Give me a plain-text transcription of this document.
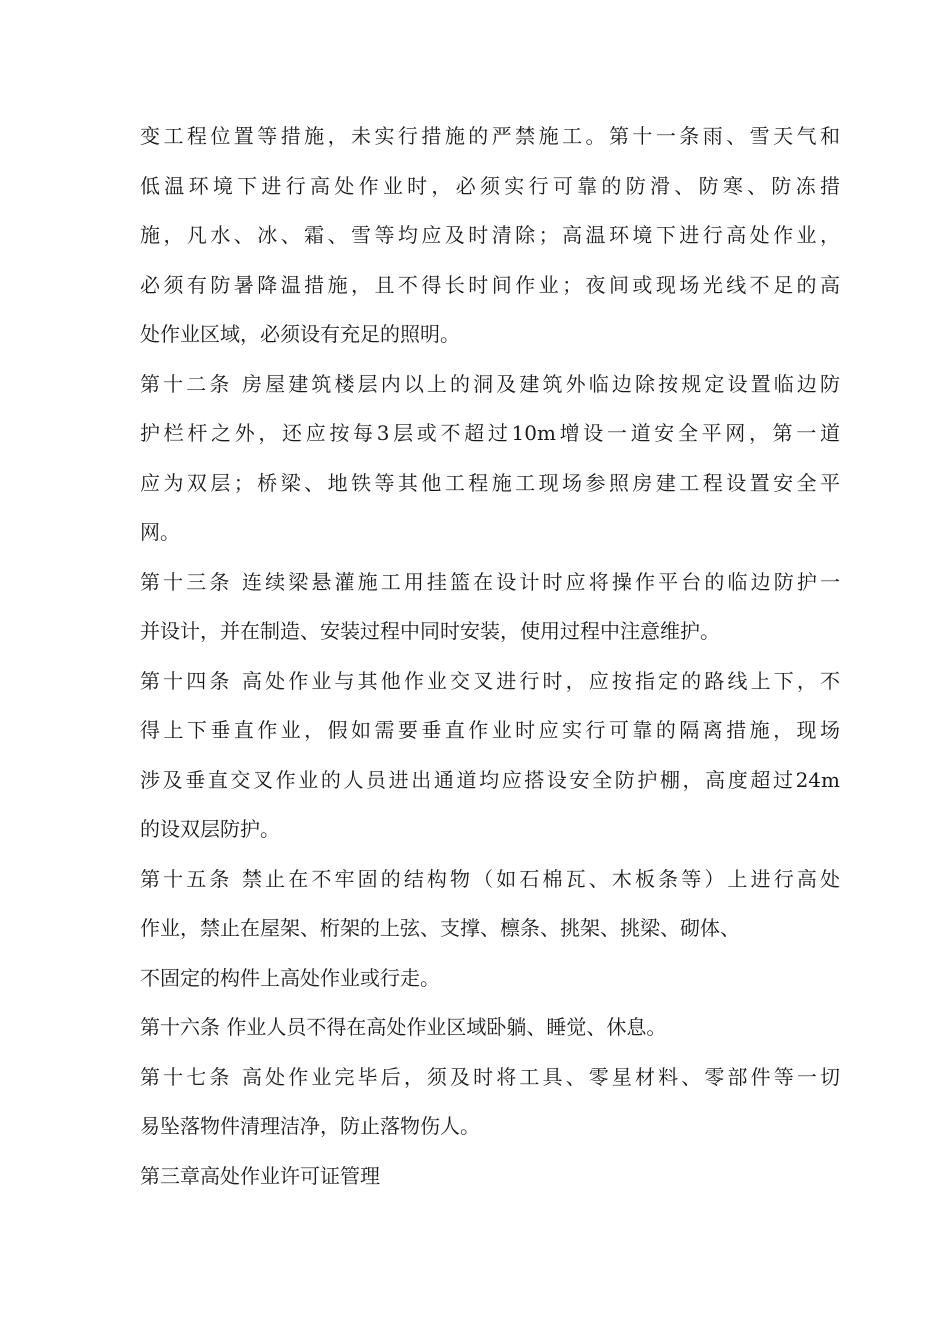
变工程位置等措施，未实行措施的严禁施工。第十一条雨、雪天气和
低温环境下进行高处作业时，必须实行可靠的防滑、防寒、防冻措
施，凡水、冰、霜、雪等均应及时清除；高温环境下进行高处作业，
必须有防暑降温措施，且不得长时间作业；夜间或现场光线不足的高
处作业区域，必须设有充足的照明。
第十二条 房屋建筑楼层内以上的洞及建筑外临边除按规定设置临边防
护栏杆之外，还应按每3层或不超过10m增设一道安全平网，第一道
应为双层；桥梁、地铁等其他工程施工现场参照房建工程设置安全平
网。
第十三条 连续梁悬灌施工用挂篮在设计时应将操作平台的临边防护一
并设计，并在制造、安装过程中同时安装，使用过程中注意维护。
第十四条 高处作业与其他作业交叉进行时，应按指定的路线上下，不
得上下垂直作业，假如需要垂直作业时应实行可靠的隔离措施，现场
涉及垂直交叉作业的人员进出通道均应搭设安全防护棚，高度超过24m
的设双层防护。
第十五条 禁止在不牢固的结构物（如石棉瓦、木板条等）上进行高处
作业，禁止在屋架、桁架的上弦、支撑、檩条、挑架、挑梁、砌体、
不固定的构件上高处作业或行走。
第十六条 作业人员不得在高处作业区域卧躺、睡觉、休息。
第十七条 高处作业完毕后，须及时将工具、零星材料、零部件等一切
易坠落物件清理洁净，防止落物伤人。
第三章高处作业许可证管理
